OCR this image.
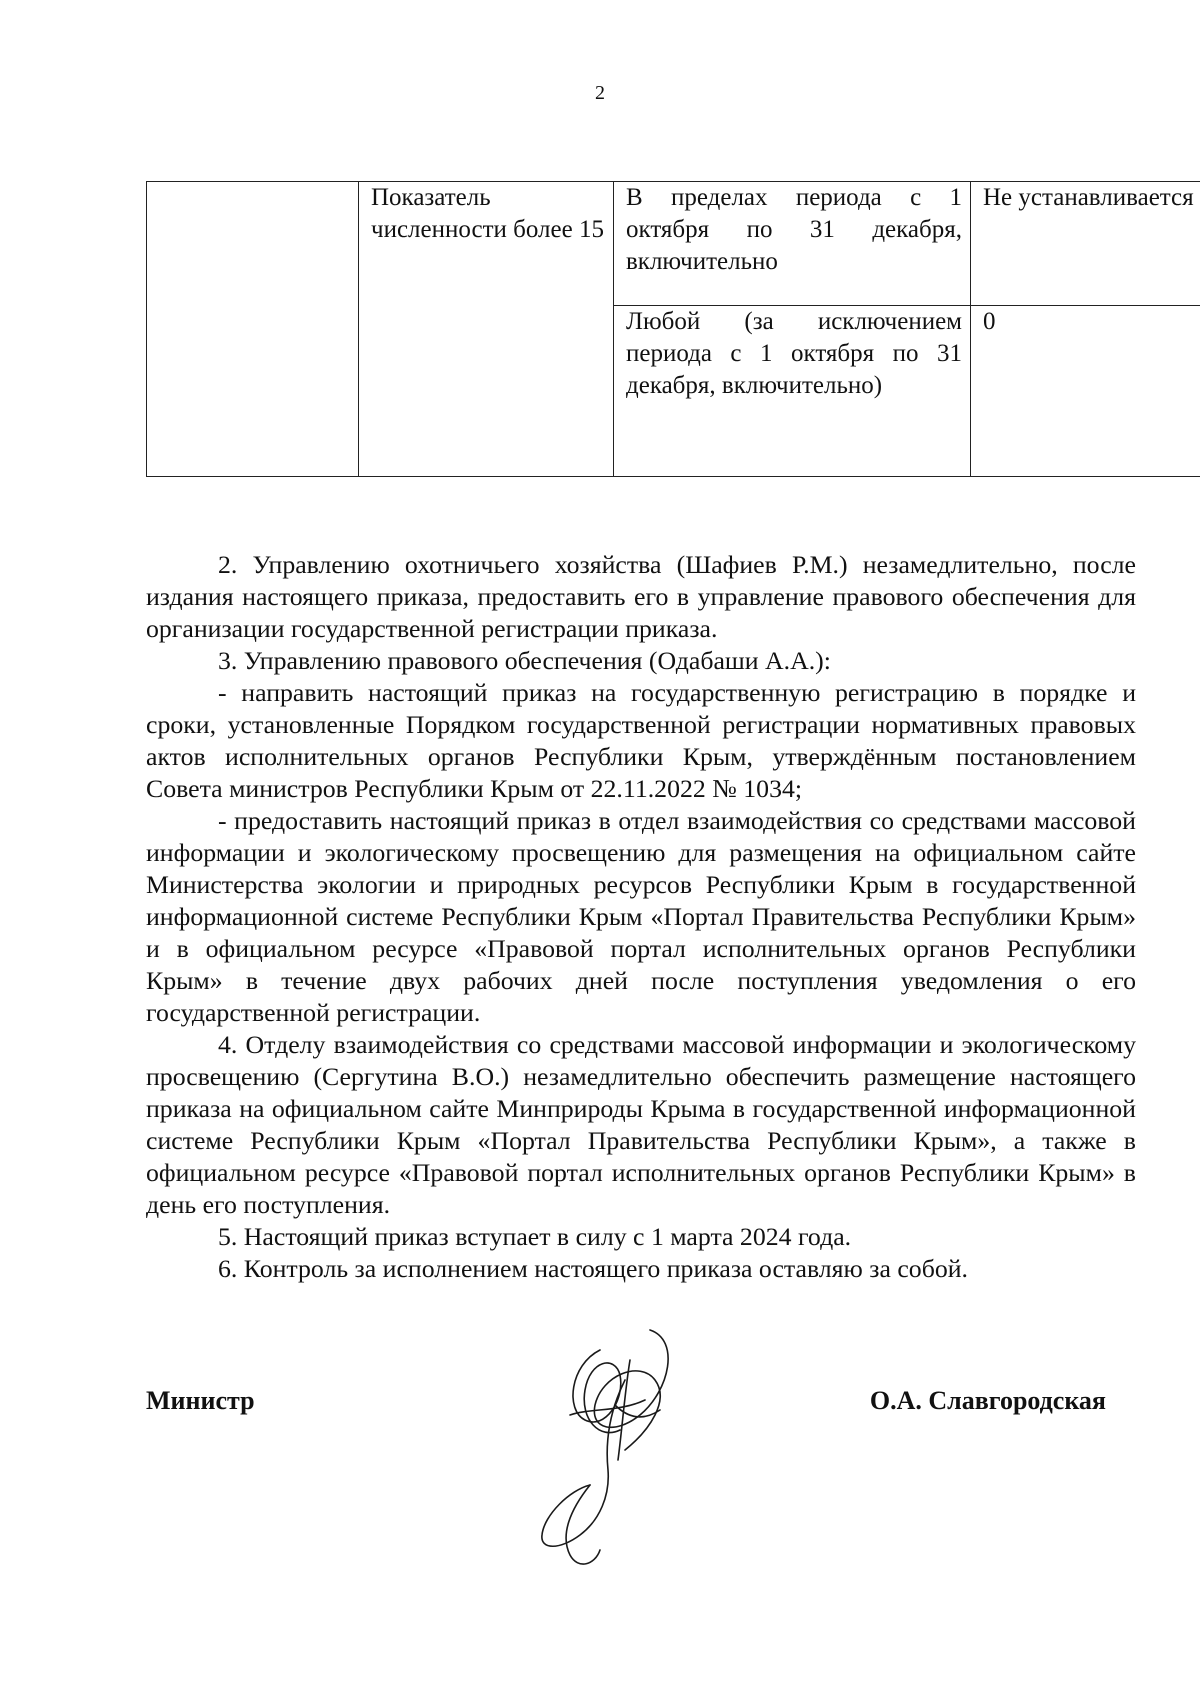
2
	Показатель численности более 15	В пределах периода с 1 октября по 31 декабря, включительно	Не устанавливается
		Любой (за исключением периода с 1 октября по 31 декабря, включительно)	0

2. Управлению охотничьего хозяйства (Шафиев Р.М.) незамедлительно, после издания настоящего приказа, предоставить его в управление правового обеспечения для организации государственной регистрации приказа.

3. Управлению правового обеспечения (Одабаши А.А.):

- направить настоящий приказ на государственную регистрацию в порядке и сроки, установленные Порядком государственной регистрации нормативных правовых актов исполнительных органов Республики Крым, утверждённым постановлением Совета министров Республики Крым от 22.11.2022 № 1034;

- предоставить настоящий приказ в отдел взаимодействия со средствами массовой информации и экологическому просвещению для размещения на официальном сайте Министерства экологии и природных ресурсов Республики Крым в государственной информационной системе Республики Крым «Портал Правительства Республики Крым» и в официальном ресурсе «Правовой портал исполнительных органов Республики Крым» в течение двух рабочих дней после поступления уведомления о его государственной регистрации.

4. Отделу взаимодействия со средствами массовой информации и экологическому просвещению (Сергутина В.О.) незамедлительно обеспечить размещение настоящего приказа на официальном сайте Минприроды Крыма в государственной информационной системе Республики Крым «Портал Правительства Республики Крым», а также в официальном ресурсе «Правовой портал исполнительных органов Республики Крым» в день его поступления.

5. Настоящий приказ вступает в силу с 1 марта 2024 года.

6. Контроль за исполнением настоящего приказа оставляю за собой.

Министр	О.А. Славгородская
